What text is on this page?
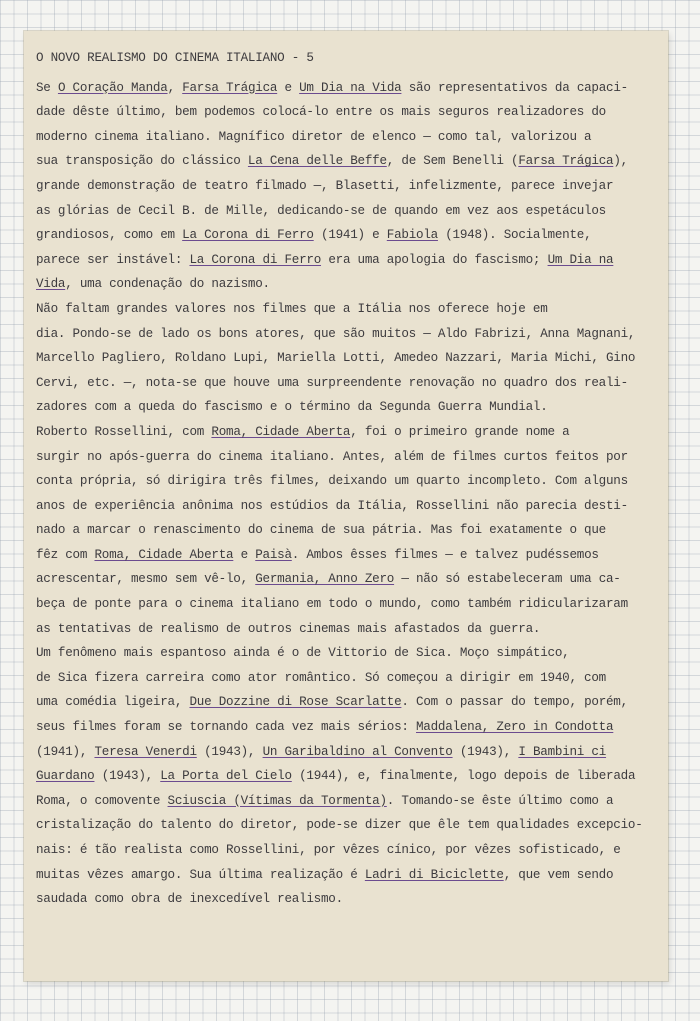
O NOVO REALISMO DO CINEMA ITALIANO - 5
Se O Coração Manda, Farsa Trágica e Um Dia na Vida são representativos da capaci-
dade dêste último, bem podemos colocá-lo entre os mais seguros realizadores do
moderno cinema italiano. Magnífico diretor de elenco — como tal, valorizou a
sua transposição do clássico La Cena delle Beffe, de Sem Benelli (Farsa Trágica),
grande demonstração de teatro filmado —, Blasetti, infelizmente, parece invejar
as glórias de Cecil B. de Mille, dedicando-se de quando em vez aos espetáculos
grandiosos, como em La Corona di Ferro (1941) e Fabiola (1948). Socialmente,
parece ser instável: La Corona di Ferro era uma apologia do fascismo; Um Dia na
Vida, uma condenação do nazismo.
Não faltam grandes valores nos filmes que a Itália nos oferece hoje em
dia. Pondo-se de lado os bons atores, que são muitos — Aldo Fabrizi, Anna Magnani,
Marcello Pagliero, Roldano Lupi, Mariella Lotti, Amedeo Nazzari, Maria Michi, Gino
Cervi, etc. —, nota-se que houve uma surpreendente renovação no quadro dos reali-
zadores com a queda do fascismo e o término da Segunda Guerra Mundial.
Roberto Rossellini, com Roma, Cidade Aberta, foi o primeiro grande nome a
surgir no após-guerra do cinema italiano. Antes, além de filmes curtos feitos por
conta própria, só dirigira três filmes, deixando um quarto incompleto. Com alguns
anos de experiência anônima nos estúdios da Itália, Rossellini não parecia desti-
nado a marcar o renascimento do cinema de sua pátria. Mas foi exatamente o que
fêz com Roma, Cidade Aberta e Paisà. Ambos êsses filmes — e talvez pudéssemos
acrescentar, mesmo sem vê-lo, Germania, Anno Zero — não só estabeleceram uma ca-
beça de ponte para o cinema italiano em todo o mundo, como também ridicularizaram
as tentativas de realismo de outros cinemas mais afastados da guerra.
Um fenômeno mais espantoso ainda é o de Vittorio de Sica. Moço simpático,
de Sica fizera carreira como ator romântico. Só começou a dirigir em 1940, com
uma comédia ligeira, Due Dozzine di Rose Scarlatte. Com o passar do tempo, porém,
seus filmes foram se tornando cada vez mais sérios: Maddalena, Zero in Condotta
(1941), Teresa Venerdi (1943), Un Garibaldino al Convento (1943), I Bambini ci
Guardano (1943), La Porta del Cielo (1944), e, finalmente, logo depois de liberada
Roma, o comovente Sciuscia (Vítimas da Tormenta). Tomando-se êste último como a
cristalização do talento do diretor, pode-se dizer que êle tem qualidades excepcio-
nais: é tão realista como Rossellini, por vêzes cínico, por vêzes sofisticado, e
muitas vêzes amargo. Sua última realização é Ladri di Biciclette, que vem sendo
saudada como obra de inexcedível realismo.
